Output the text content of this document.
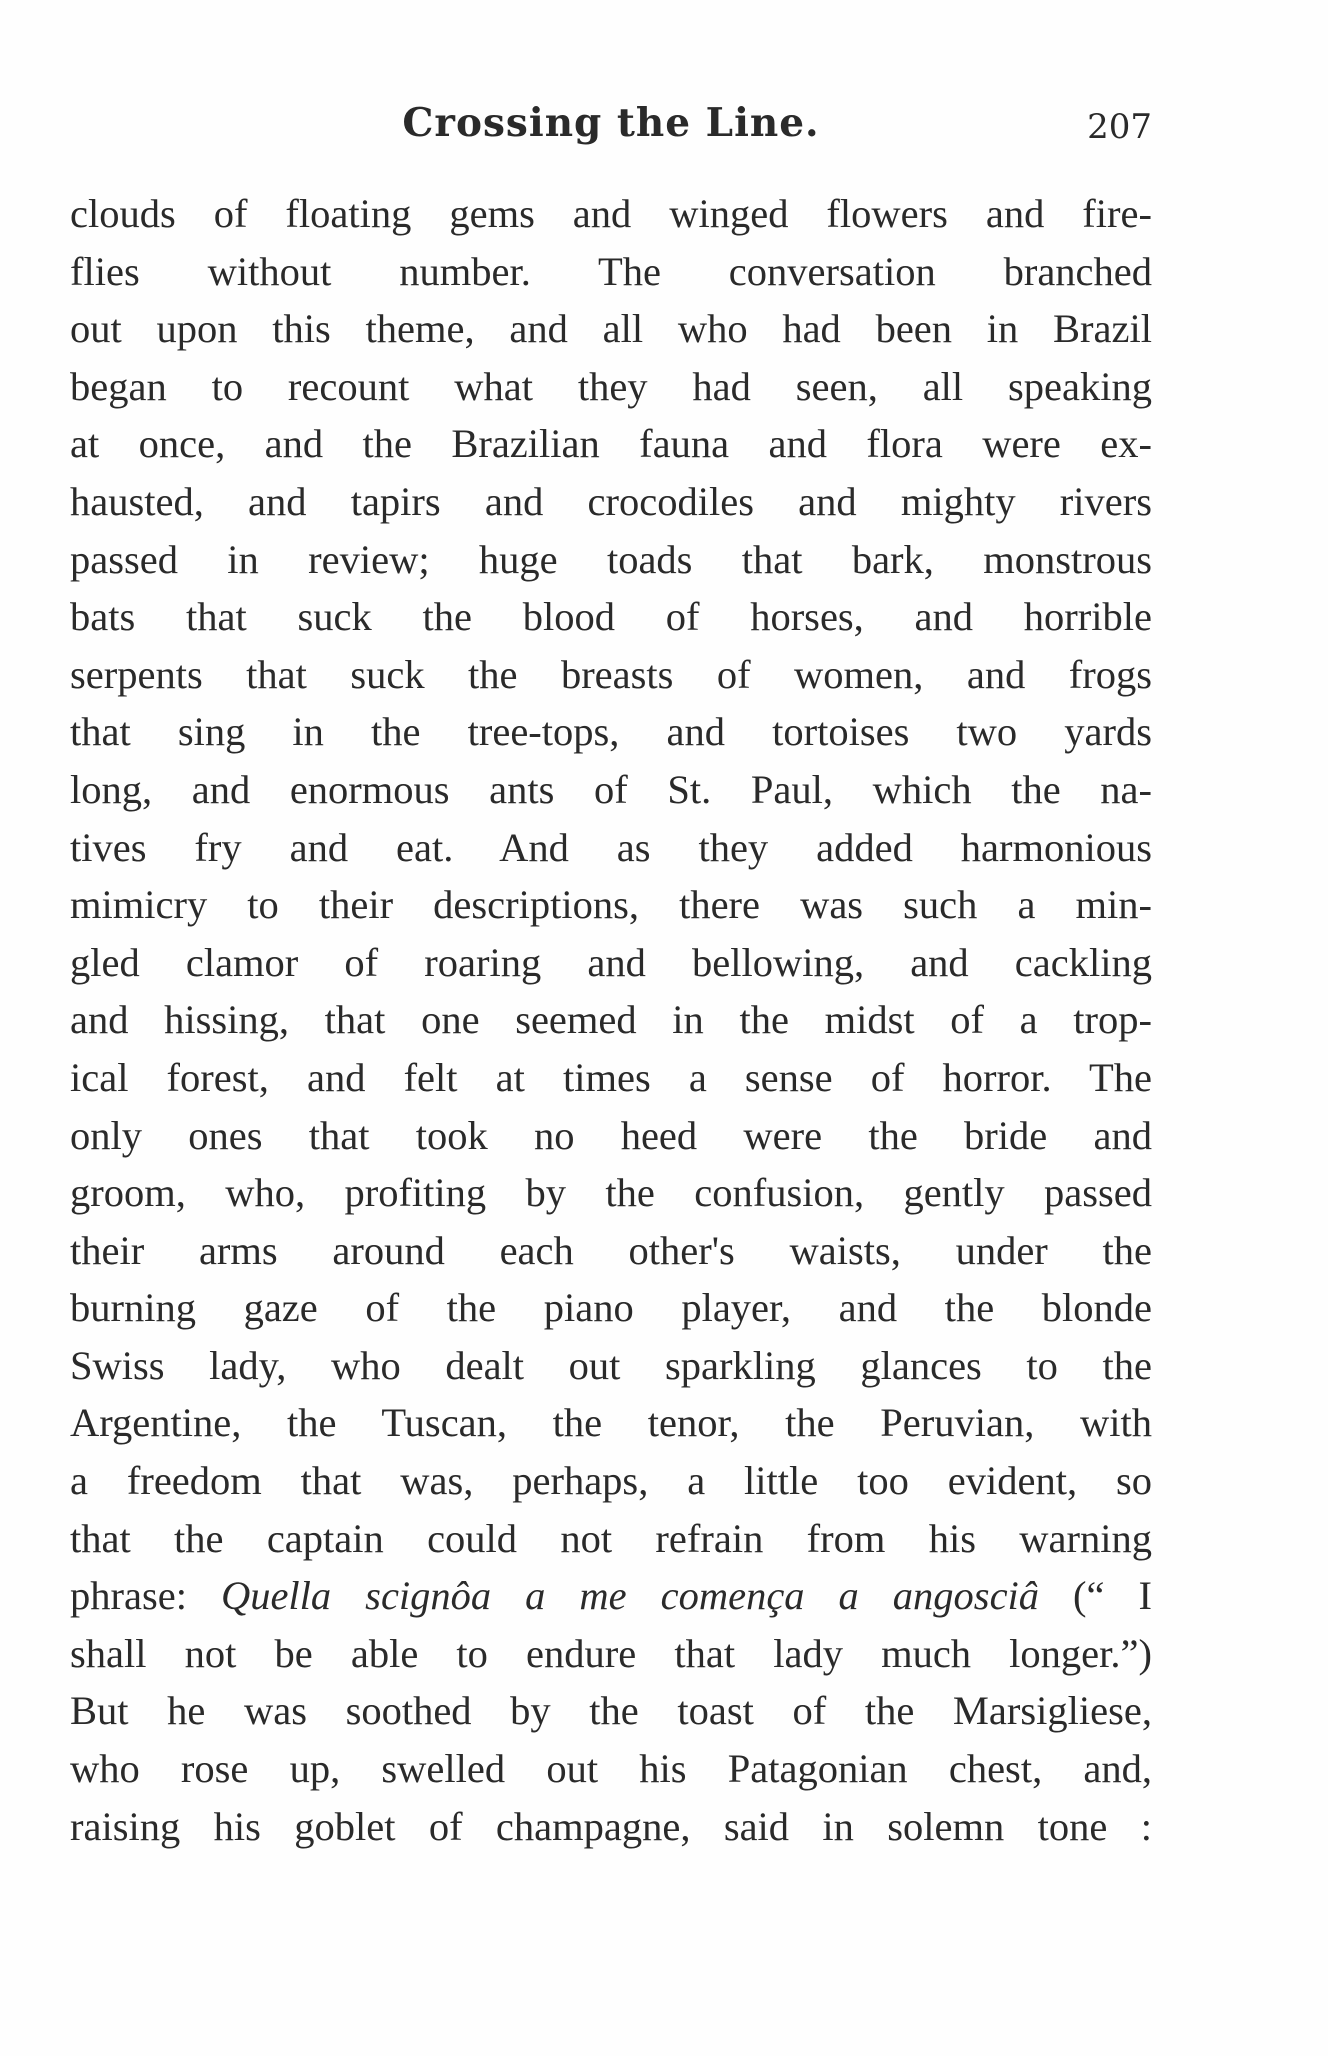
Crossing the Line.	207
clouds of floating gems and winged flowers and fire-
flies without number. The conversation branched
out upon this theme, and all who had been in Brazil
began to recount what they had seen, all speaking
at once, and the Brazilian fauna and flora were ex-
hausted, and tapirs and crocodiles and mighty rivers
passed in review; huge toads that bark, monstrous
bats that suck the blood of horses, and horrible
serpents that suck the breasts of women, and frogs
that sing in the tree-tops, and tortoises two yards
long, and enormous ants of St. Paul, which the na-
tives fry and eat. And as they added harmonious
mimicry to their descriptions, there was such a min-
gled clamor of roaring and bellowing, and cackling
and hissing, that one seemed in the midst of a trop-
ical forest, and felt at times a sense of horror. The
only ones that took no heed were the bride and
groom, who, profiting by the confusion, gently passed
their arms around each other's waists, under the
burning gaze of the piano player, and the blonde
Swiss lady, who dealt out sparkling glances to the
Argentine, the Tuscan, the tenor, the Peruvian, with
a freedom that was, perhaps, a little too evident, so
that the captain could not refrain from his warning
phrase: Quella scignôa a me comença a angosciâ (“ I
shall not be able to endure that lady much longer.”)
But he was soothed by the toast of the Marsigliese,
who rose up, swelled out his Patagonian chest, and,
raising his goblet of champagne, said in solemn tone :
